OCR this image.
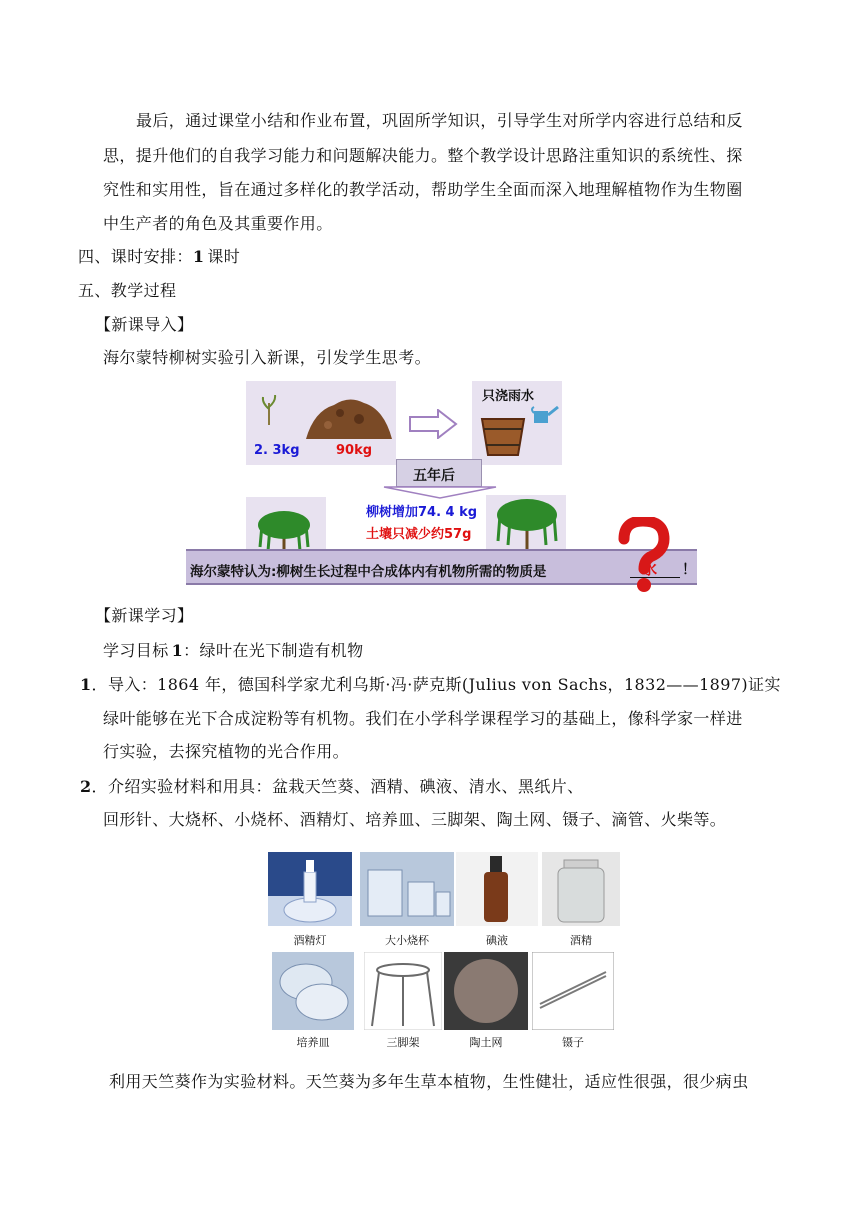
最后，通过课堂小结和作业布置，巩固所学知识，引导学生对所学内容进行总结和反
思，提升他们的自我学习能力和问题解决能力。整个教学设计思路注重知识的系统性、探
究性和实用性，旨在通过多样化的教学活动，帮助学生全面而深入地理解植物作为生物圈
中生产者的角色及其重要作用。
四、课时安排：1 课时
五、教学过程
【新课导入】
海尔蒙特柳树实验引入新课，引发学生思考。
2. 3kg	90kg
只浇雨水
五年后
柳树增加74. 4 kg
土壤只减少约57g
海尔蒙特认为:柳树生长过程中合成体内有机物所需的物质是	水 ！
【新课学习】
学习目标 1：绿叶在光下制造有机物
1．导入：1864 年，德国科学家尤利乌斯·冯·萨克斯(Julius von Sachs，1832——1897)证实
绿叶能够在光下合成淀粉等有机物。我们在小学科学课程学习的基础上，像科学家一样进
行实验，去探究植物的光合作用。
2．介绍实验材料和用具：盆栽天竺葵、酒精、碘液、清水、黑纸片、
回形针、大烧杯、小烧杯、酒精灯、培养皿、三脚架、陶土网、镊子、滴管、火柴等。
酒精灯	大小烧杯	碘液	酒精
培养皿	三脚架	陶土网	镊子
利用天竺葵作为实验材料。天竺葵为多年生草本植物，生性健壮，适应性很强，很少病虫
